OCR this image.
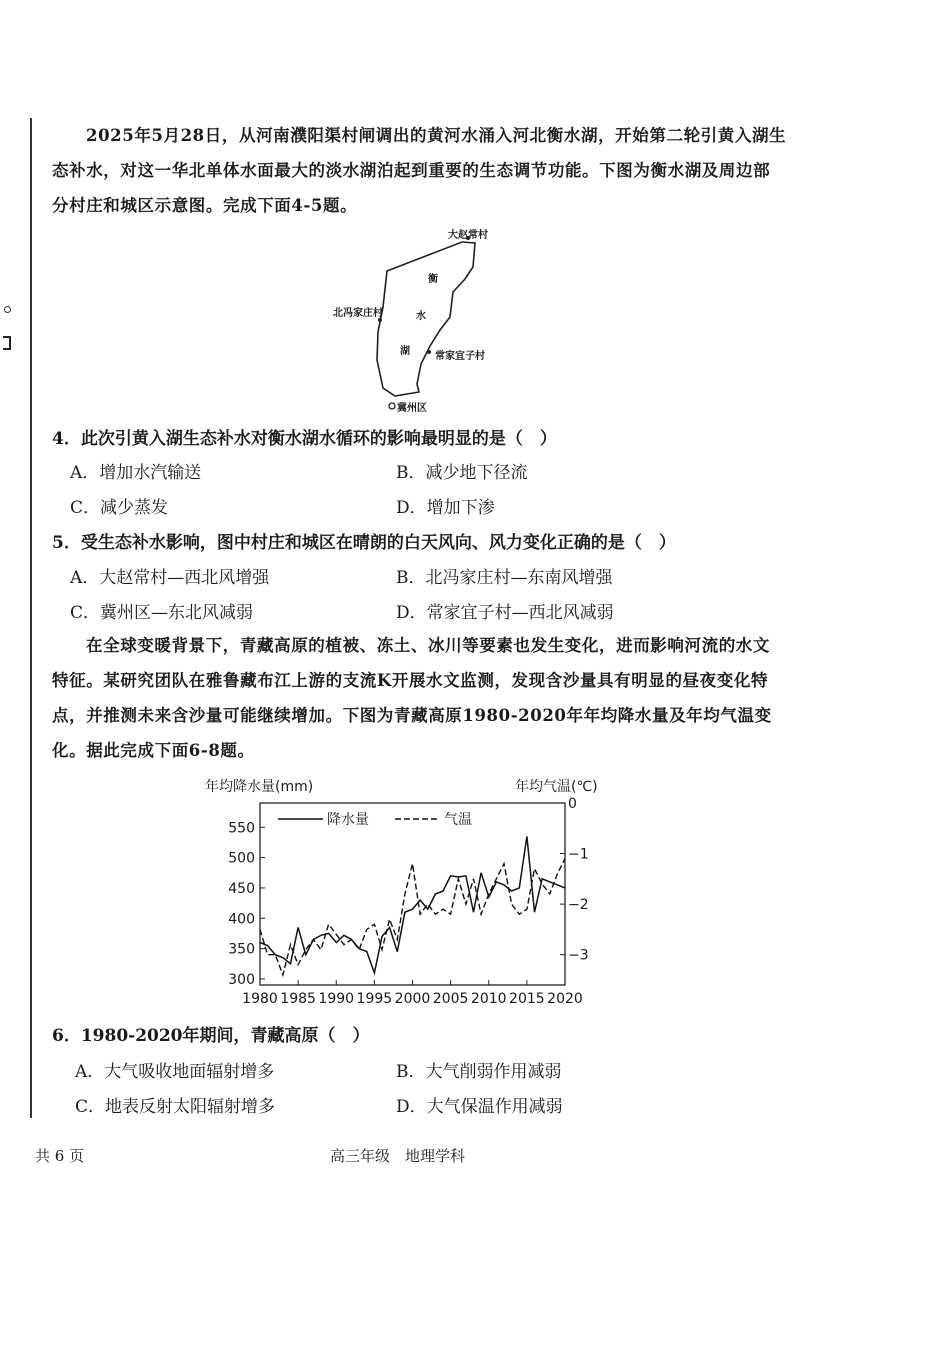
2025年5月28日，从河南濮阳渠村闸调出的黄河水涌入河北衡水湖，开始第二轮引黄入湖生态补水，对这一华北单体水面最大的淡水湖泊起到重要的生态调节功能。下图为衡水湖及周边部分村庄和城区示意图。完成下面4-5题。

大赵常村
北冯家庄村
常家宜子村
冀州区
衡
水
湖
4．此次引黄入湖生态补水对衡水湖水循环的影响最明显的是（　）
A．增加水汽输送	B．减少地下径流
C．减少蒸发	D．增加下渗
5．受生态补水影响，图中村庄和城区在晴朗的白天风向、风力变化正确的是（　）
A．大赵常村—西北风增强	B．北冯家庄村—东南风增强
C．冀州区—东北风减弱	D．常家宜子村—西北风减弱

在全球变暖背景下，青藏高原的植被、冻土、冰川等要素也发生变化，进而影响河流的水文特征。某研究团队在雅鲁藏布江上游的支流K开展水文监测，发现含沙量具有明显的昼夜变化特点，并推测未来含沙量可能继续增加。下图为青藏高原1980-2020年年均降水量及年均气温变化。据此完成下面6-8题。

年均降水量(mm)	年均气温(℃)
300
350
400
450
500
550
0
−1
−2
−3
1980 1985 1990 1995 2000 2005 2010 2015 2020
降水量	气温
6．1980-2020年期间，青藏高原（　）
A．大气吸收地面辐射增多	B．大气削弱作用减弱
C．地表反射太阳辐射增多	D．大气保温作用减弱
共 6 页	高三年级　地理学科
